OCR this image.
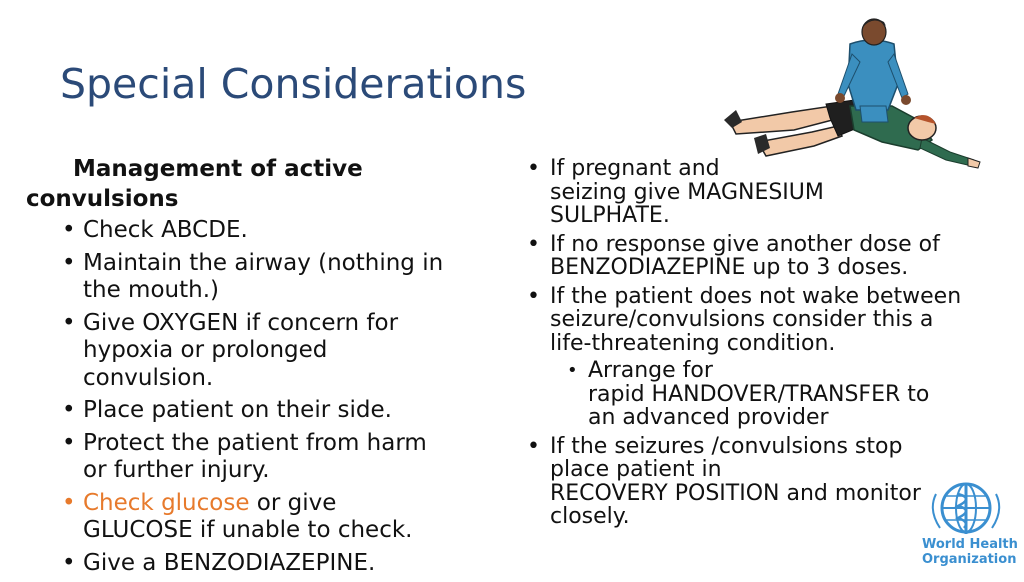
Special Considerations

Management of active

convulsions

• Check ABCDE.
• Maintain the airway (nothing in
the mouth.)
• Give OXYGEN if concern for
hypoxia or prolonged
convulsion.
• Place patient on their side.
• Protect the patient from harm
or further injury.
• Check glucose or give
GLUCOSE if unable to check.
• Give a BENZODIAZEPINE.
• If pregnant and
seizing give MAGNESIUM
SULPHATE.
• If no response give another dose of
BENZODIAZEPINE up to 3 doses.
• If the patient does not wake between
seizure/convulsions consider this a
life-threatening condition.
• Arrange for
rapid HANDOVER/TRANSFER to
an advanced provider
• If the seizures /convulsions stop
place patient in
RECOVERY POSITION and monitor
closely.
World Health
Organization
